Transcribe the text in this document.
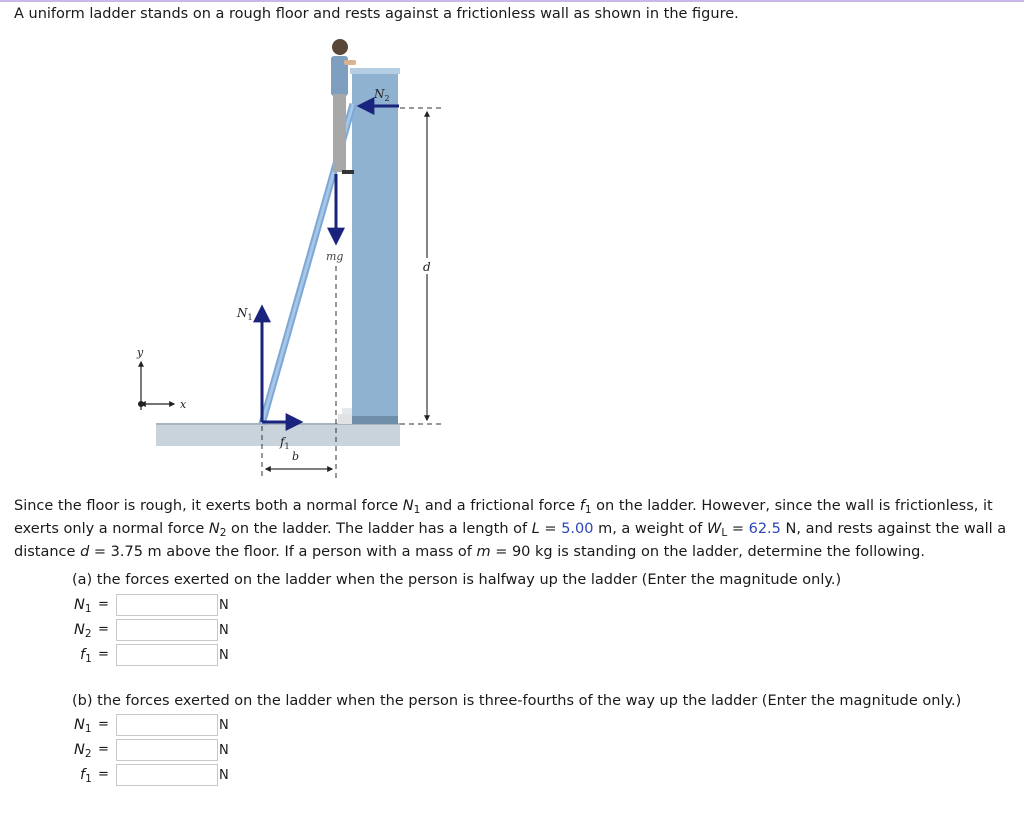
A uniform ladder stands on a rough floor and rests against a frictionless wall as shown in the figure.
$N_2$
mg
$N_1$
$f_1$
d
b
x
y
Since the floor is rough, it exerts both a normal force $N_1$ and a frictional force $f_1$ on the ladder. However, since the wall is frictionless, it exerts only a normal force $N_2$ on the ladder. The ladder has a length of L = 5.00 m, a weight of $W_L = 62.5$ N, and rests against the wall a distance d = 3.75 m above the floor. If a person with a mass of m = 90 kg is standing on the ladder, determine the following.
(a) the forces exerted on the ladder when the person is halfway up the ladder (Enter the magnitude only.)
$N_1$ =	N
$N_2$ =	N
$f_1$ =	N
(b) the forces exerted on the ladder when the person is three-fourths of the way up the ladder (Enter the magnitude only.)
$N_1$ =	N
$N_2$ =	N
$f_1$ =	N
